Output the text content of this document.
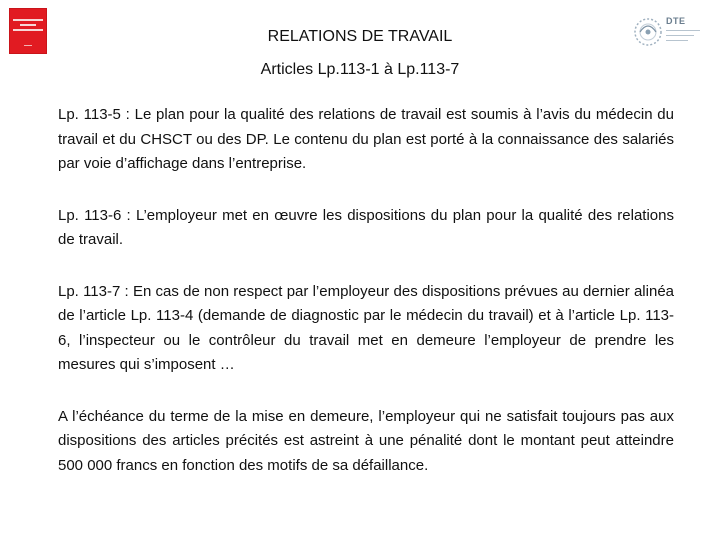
DTE
RELATIONS DE TRAVAIL
Articles Lp.113-1 à Lp.113-7

Lp. 113-5 : Le plan pour la qualité des relations de travail est soumis à l’avis du médecin du travail et du CHSCT ou des DP. Le contenu du plan est porté à la connaissance des salariés par voie d’affichage dans l’entreprise.

Lp. 113-6 : L’employeur met en œuvre les dispositions du plan pour la qualité des relations de travail.

Lp. 113-7 : En cas de non respect par l’employeur des dispositions prévues au dernier alinéa de l’article Lp. 113-4 (demande de diagnostic par le médecin du travail) et à l’article Lp. 113-6, l’inspecteur ou le contrôleur du travail met en demeure l’employeur de prendre les mesures qui s’imposent …

A l’échéance du terme de la mise en demeure, l’employeur qui ne satisfait toujours pas aux dispositions des articles précités est astreint à une pénalité dont le montant peut atteindre 500 000 francs en fonction des motifs de sa défaillance.
